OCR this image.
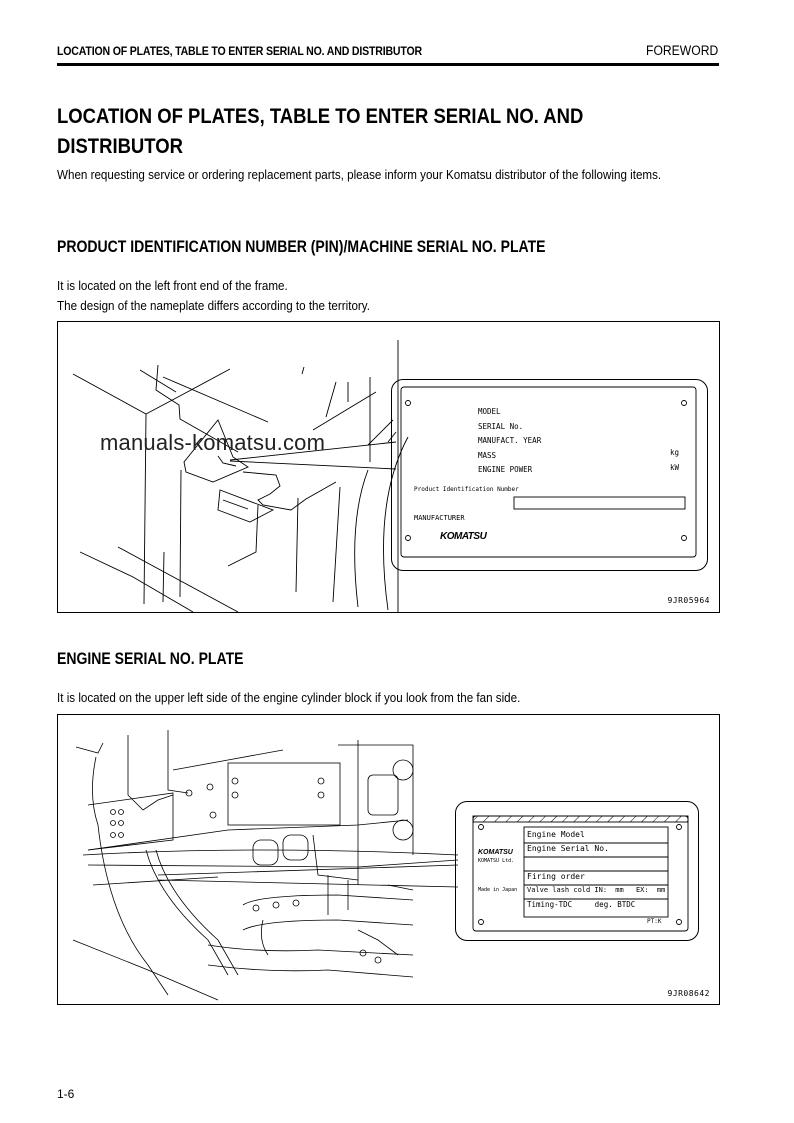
LOCATION OF PLATES, TABLE TO ENTER SERIAL NO. AND DISTRIBUTOR	FOREWORD
LOCATION OF PLATES, TABLE TO ENTER SERIAL NO. AND DISTRIBUTOR
When requesting service or ordering replacement parts, please inform your Komatsu distributor of the following items.
PRODUCT IDENTIFICATION NUMBER (PIN)/MACHINE SERIAL NO. PLATE
It is located on the left front end of the frame.
The design of the nameplate differs according to the territory.
MODEL
SERIAL No.
MANUFACT. YEAR
MASS
ENGINE POWER
kg
kW
Product Identification Number
MANUFACTURER
KOMATSU
9JR05964
manuals-komatsu.com
ENGINE SERIAL NO. PLATE
It is located on the upper left side of the engine cylinder block if you look from the fan side.
Engine Model
Engine Serial No.
Firing order
Valve lash cold IN: mm EX: mm
Timing-TDC	deg. BTDC
PT:K
KOMATSU
KOMATSU Ltd.
Made in Japan
9JR08642
1-6
